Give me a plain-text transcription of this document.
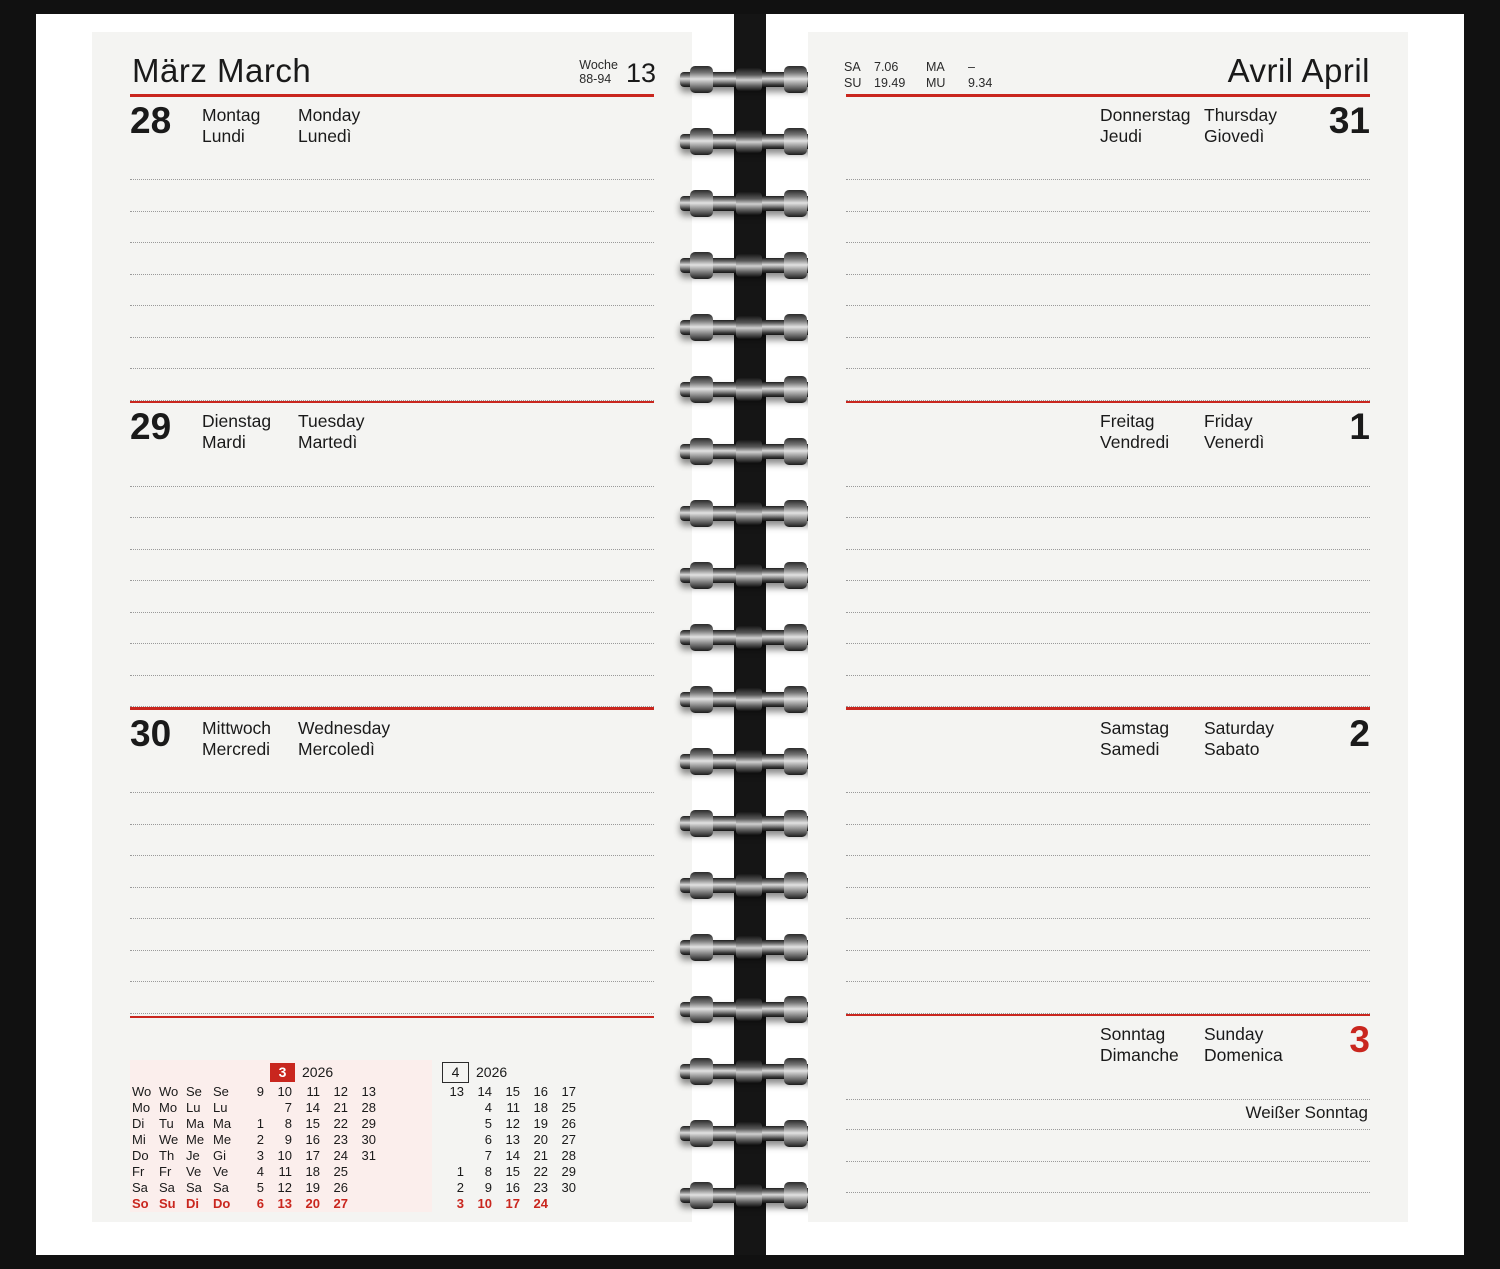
März March	Woche
88-94 13
28 Montag
Lundi
Monday
Lunedì
29 Dienstag
Mardi
Tuesday
Martedì
30 Mittwoch
Mercredi
Wednesday
Mercoledì
3	2026
Wo	Wo	Se	Se	9	10	11	12	13
Mo	Mo	Lu	Lu		7	14	21	28
Di	Tu	Ma	Ma	1	8	15	22	29
Mi	We	Me	Me	2	9	16	23	30
Do	Th	Je	Gi	3	10	17	24	31
Fr	Fr	Ve	Ve	4	11	18	25	
Sa	Sa	Sa	Sa	5	12	19	26	
So	Su	Di	Do	6	13	20	27	
4	2026
13	14	15	16	17
	4	11	18	25
	5	12	19	26
	6	13	20	27
	7	14	21	28
1	8	15	22	29
2	9	16	23	30
3	10	17	24	
Avril April
SA	7.06	MA	–
SU	19.49	MU	9.34
31
Donnerstag
Jeudi
Thursday
Giovedì
1
Freitag
Vendredi
Friday
Venerdì
2
Samstag
Samedi
Saturday
Sabato
3
Sonntag
Dimanche
Sunday
Domenica
Weißer Sonntag
